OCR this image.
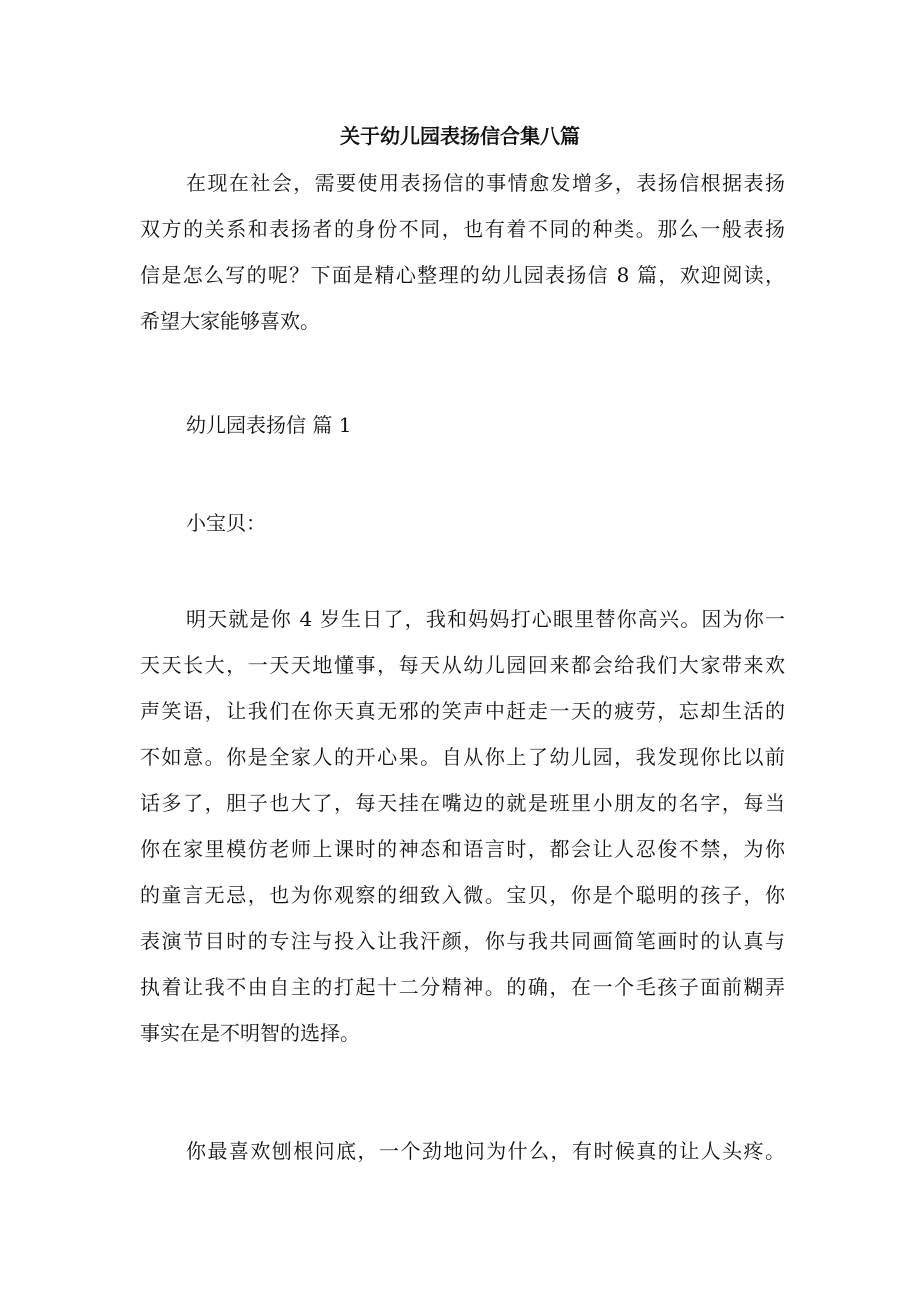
关于幼儿园表扬信合集八篇
在现在社会，需要使用表扬信的事情愈发增多，表扬信根据表扬
双方的关系和表扬者的身份不同，也有着不同的种类。那么一般表扬
信是怎么写的呢？下面是精心整理的幼儿园表扬信 8 篇，欢迎阅读，
希望大家能够喜欢。
幼儿园表扬信 篇 1
小宝贝：
明天就是你 4 岁生日了，我和妈妈打心眼里替你高兴。因为你一
天天长大，一天天地懂事，每天从幼儿园回来都会给我们大家带来欢
声笑语，让我们在你天真无邪的笑声中赶走一天的疲劳，忘却生活的
不如意。你是全家人的开心果。自从你上了幼儿园，我发现你比以前
话多了，胆子也大了，每天挂在嘴边的就是班里小朋友的名字，每当
你在家里模仿老师上课时的神态和语言时，都会让人忍俊不禁，为你
的童言无忌，也为你观察的细致入微。宝贝，你是个聪明的孩子，你
表演节目时的专注与投入让我汗颜，你与我共同画简笔画时的认真与
执着让我不由自主的打起十二分精神。的确，在一个毛孩子面前糊弄
事实在是不明智的选择。
你最喜欢刨根问底，一个劲地问为什么，有时候真的让人头疼。
